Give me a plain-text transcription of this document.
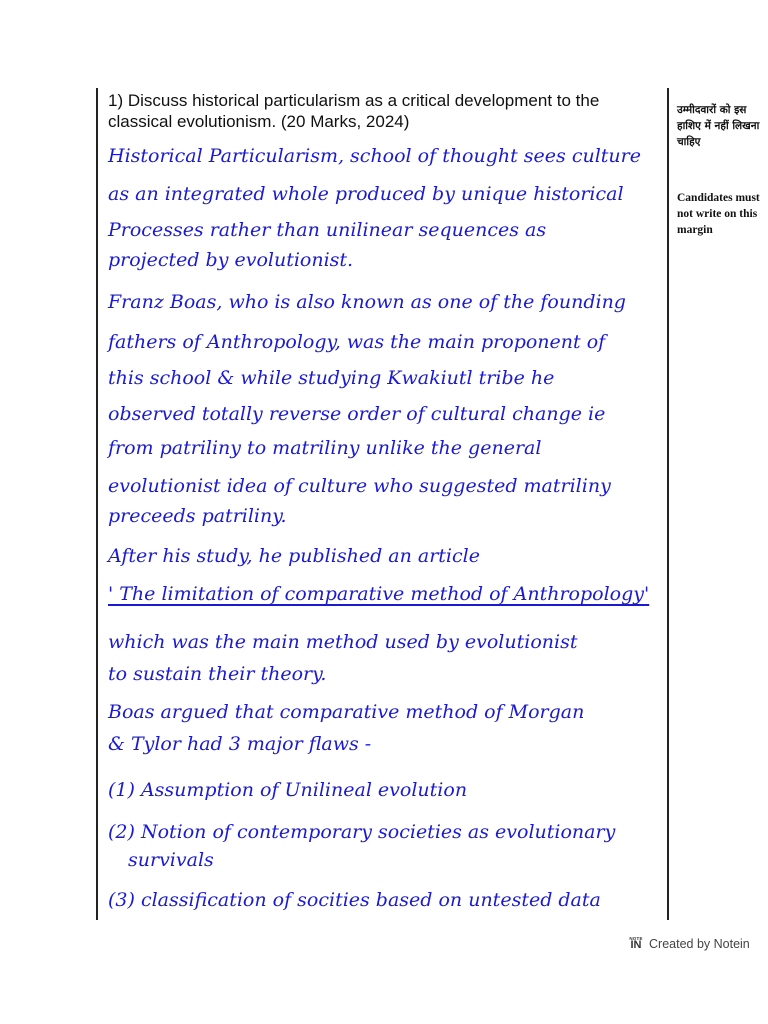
1) Discuss historical particularism as a critical development to the classical evolutionism. (20 Marks, 2024)
उम्मीदवारों को इस हाशिए में नहीं लिखना चाहिए
Candidates must not write on this margin
Historical Particularism, school of thought sees culture
as an integrated whole produced by unique historical
Processes rather than unilinear sequences as
projected by evolutionist.
Franz Boas, who is also known as one of the founding
fathers of Anthropology, was the main proponent of
this school & while studying Kwakiutl tribe he
observed totally reverse order of cultural change ie
from patriliny to matriliny unlike the general
evolutionist idea of culture who suggested matriliny
preceeds patriliny.
After his study, he published an article
' The limitation of comparative method of Anthropology'
which was the main method used by evolutionist
to sustain their theory.
Boas argued that comparative method of Morgan
& Tylor had 3 major flaws -
(1) Assumption of Unilineal evolution
(2) Notion of contemporary societies as evolutionary
survivals
(3) classification of socities based on untested data
NOTE
IN Created by Notein
